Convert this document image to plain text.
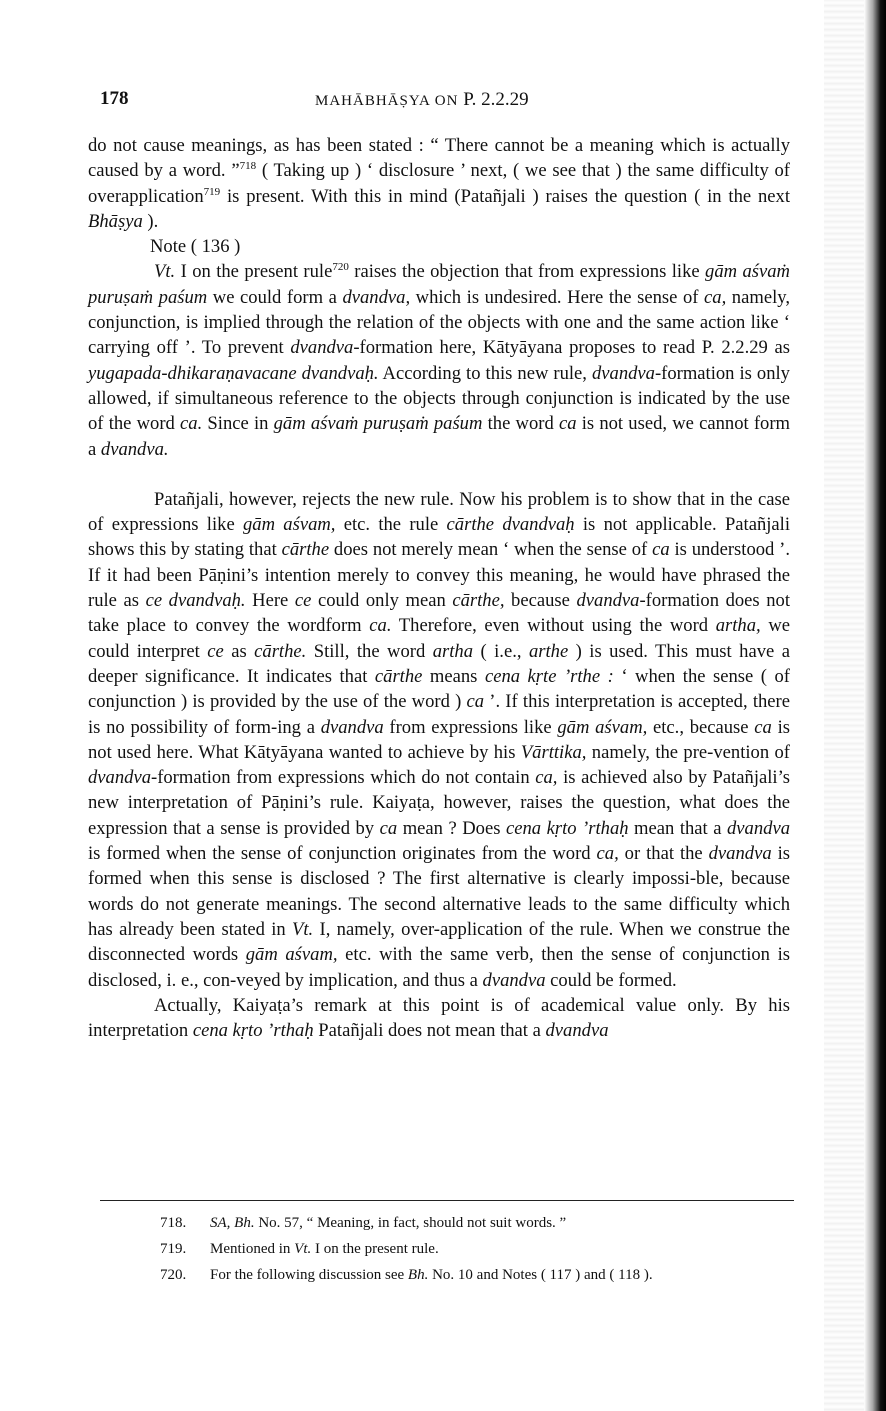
178	MAHĀBHĀṢYA ON P. 2.2.29

do not cause meanings, as has been stated : “ There cannot be a meaning which is actually caused by a word. ”$^{718}$ ( Taking up ) ‘ disclosure ’ next, ( we see that ) the same difficulty of overapplication$^{719}$ is present. With this in mind (Patañjali ) raises the question ( in the next Bhāṣya ).

Note ( 136 )

Vt. I on the present rule$^{720}$ raises the objection that from expressions like gām aśvaṁ puruṣaṁ paśum we could form a dvandva, which is undesired. Here the sense of ca, namely, conjunction, is implied through the relation of the objects with one and the same action like ‘ carrying off ’. To prevent dvandva-formation here, Kātyāyana proposes to read P. 2.2.29 as yugapada-dhikaraṇavacane dvandvaḥ. According to this new rule, dvandva-formation is only allowed, if simultaneous reference to the objects through conjunction is indicated by the use of the word ca. Since in gām aśvaṁ puruṣaṁ paśum the word ca is not used, we cannot form a dvandva.

Patañjali, however, rejects the new rule. Now his problem is to show that in the case of expressions like gām aśvam, etc. the rule cārthe dvandvaḥ is not applicable. Patañjali shows this by stating that cārthe does not merely mean ‘ when the sense of ca is understood ’. If it had been Pāṇini’s intention merely to convey this meaning, he would have phrased the rule as ce dvandvaḥ. Here ce could only mean cārthe, because dvandva-formation does not take place to convey the wordform ca. Therefore, even without using the word artha, we could interpret ce as cārthe. Still, the word artha ( i.e., arthe ) is used. This must have a deeper significance. It indicates that cārthe means cena kṛte ’rthe : ‘ when the sense ( of conjunction ) is provided by the use of the word ) ca ’. If this interpretation is accepted, there is no possibility of form-ing a dvandva from expressions like gām aśvam, etc., because ca is not used here. What Kātyāyana wanted to achieve by his Vārttika, namely, the pre-vention of dvandva-formation from expressions which do not contain ca, is achieved also by Patañjali’s new interpretation of Pāṇini’s rule. Kaiyaṭa, however, raises the question, what does the expression that a sense is provided by ca mean ? Does cena kṛto ’rthaḥ mean that a dvandva is formed when the sense of conjunction originates from the word ca, or that the dvandva is formed when this sense is disclosed ? The first alternative is clearly impossi-ble, because words do not generate meanings. The second alternative leads to the same difficulty which has already been stated in Vt. I, namely, over-application of the rule. When we construe the disconnected words gām aśvam, etc. with the same verb, then the sense of conjunction is disclosed, i. e., con-veyed by implication, and thus a dvandva could be formed.

Actually, Kaiyaṭa’s remark at this point is of academical value only. By his interpretation cena kṛto ’rthaḥ Patañjali does not mean that a dvandva

718. SA, Bh. No. 57, “ Meaning, in fact, should not suit words. ”
719. Mentioned in Vt. I on the present rule.
720. For the following discussion see Bh. No. 10 and Notes ( 117 ) and ( 118 ).
